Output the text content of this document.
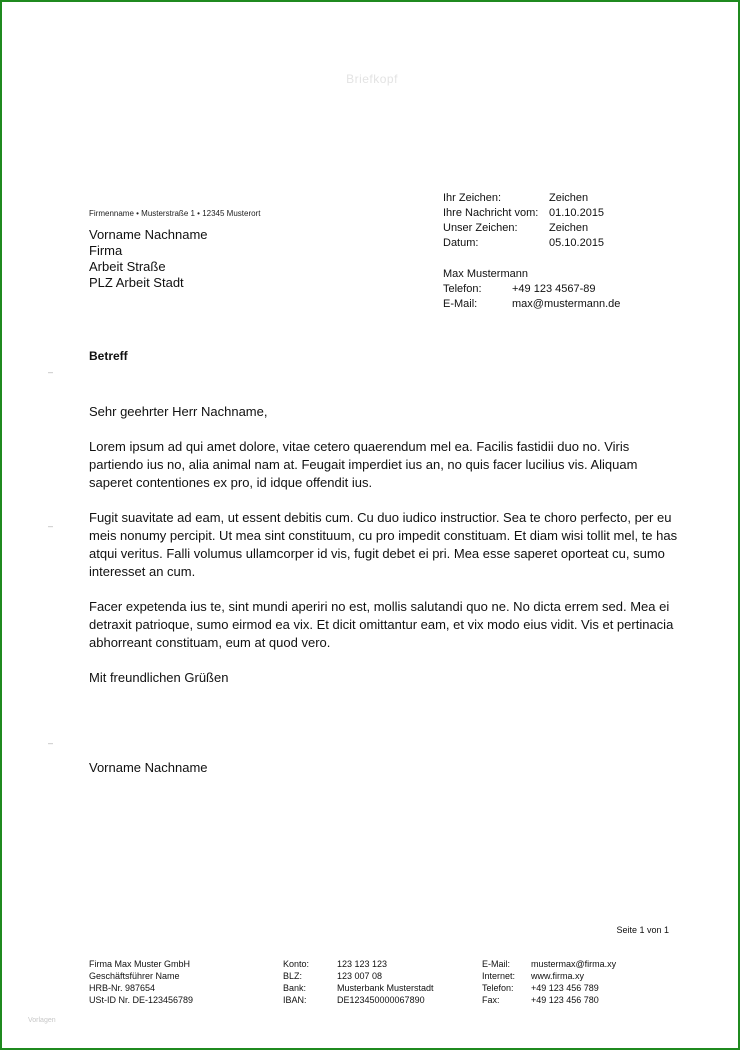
Briefkopf
Firmenname • Musterstraße 1 • 12345 Musterort
Vorname Nachname
Firma
Arbeit Straße
PLZ Arbeit Stadt
Ihr Zeichen:	Zeichen
Ihre Nachricht vom: 01.10.2015
Unser Zeichen:	Zeichen
Datum:	05.10.2015
Max Mustermann
Telefon:	+49 123 4567-89
E-Mail:	max@mustermann.de
–
–
–
Betreff

Sehr geehrter Herr Nachname,

Lorem ipsum ad qui amet dolore, vitae cetero quaerendum mel ea. Facilis fastidii duo no. Viris partiendo ius no, alia animal nam at. Feugait imperdiet ius an, no quis facer lucilius vis. Aliquam saperet contentiones ex pro, id idque offendit ius.

Fugit suavitate ad eam, ut essent debitis cum. Cu duo iudico instructior. Sea te choro perfecto, per eu meis nonumy percipit. Ut mea sint constituum, cu pro impedit constituam. Et diam wisi tollit mel, te has atqui veritus. Falli volumus ullamcorper id vis, fugit debet ei pri. Mea esse saperet oporteat cu, sumo interesset an cum.

Facer expetenda ius te, sint mundi aperiri no est, mollis salutandi quo ne. No dicta errem sed. Mea ei detraxit patrioque, sumo eirmod ea vix. Et dicit omittantur eam, et vix modo eius vidit. Vis et pertinacia abhorreant constituam, eum at quod vero.

Mit freundlichen Grüßen

Vorname Nachname
Seite 1 von 1
Firma Max Muster GmbH
Geschäftsführer Name
HRB-Nr. 987654
USt-ID Nr. DE-123456789
Konto:	123 123 123
BLZ:	123 007 08
Bank:	Musterbank Musterstadt
IBAN:	DE123450000067890
E-Mail:	mustermax@firma.xy
Internet:	www.firma.xy
Telefon:	+49 123 456 789
Fax:	+49 123 456 780
Vorlagen
